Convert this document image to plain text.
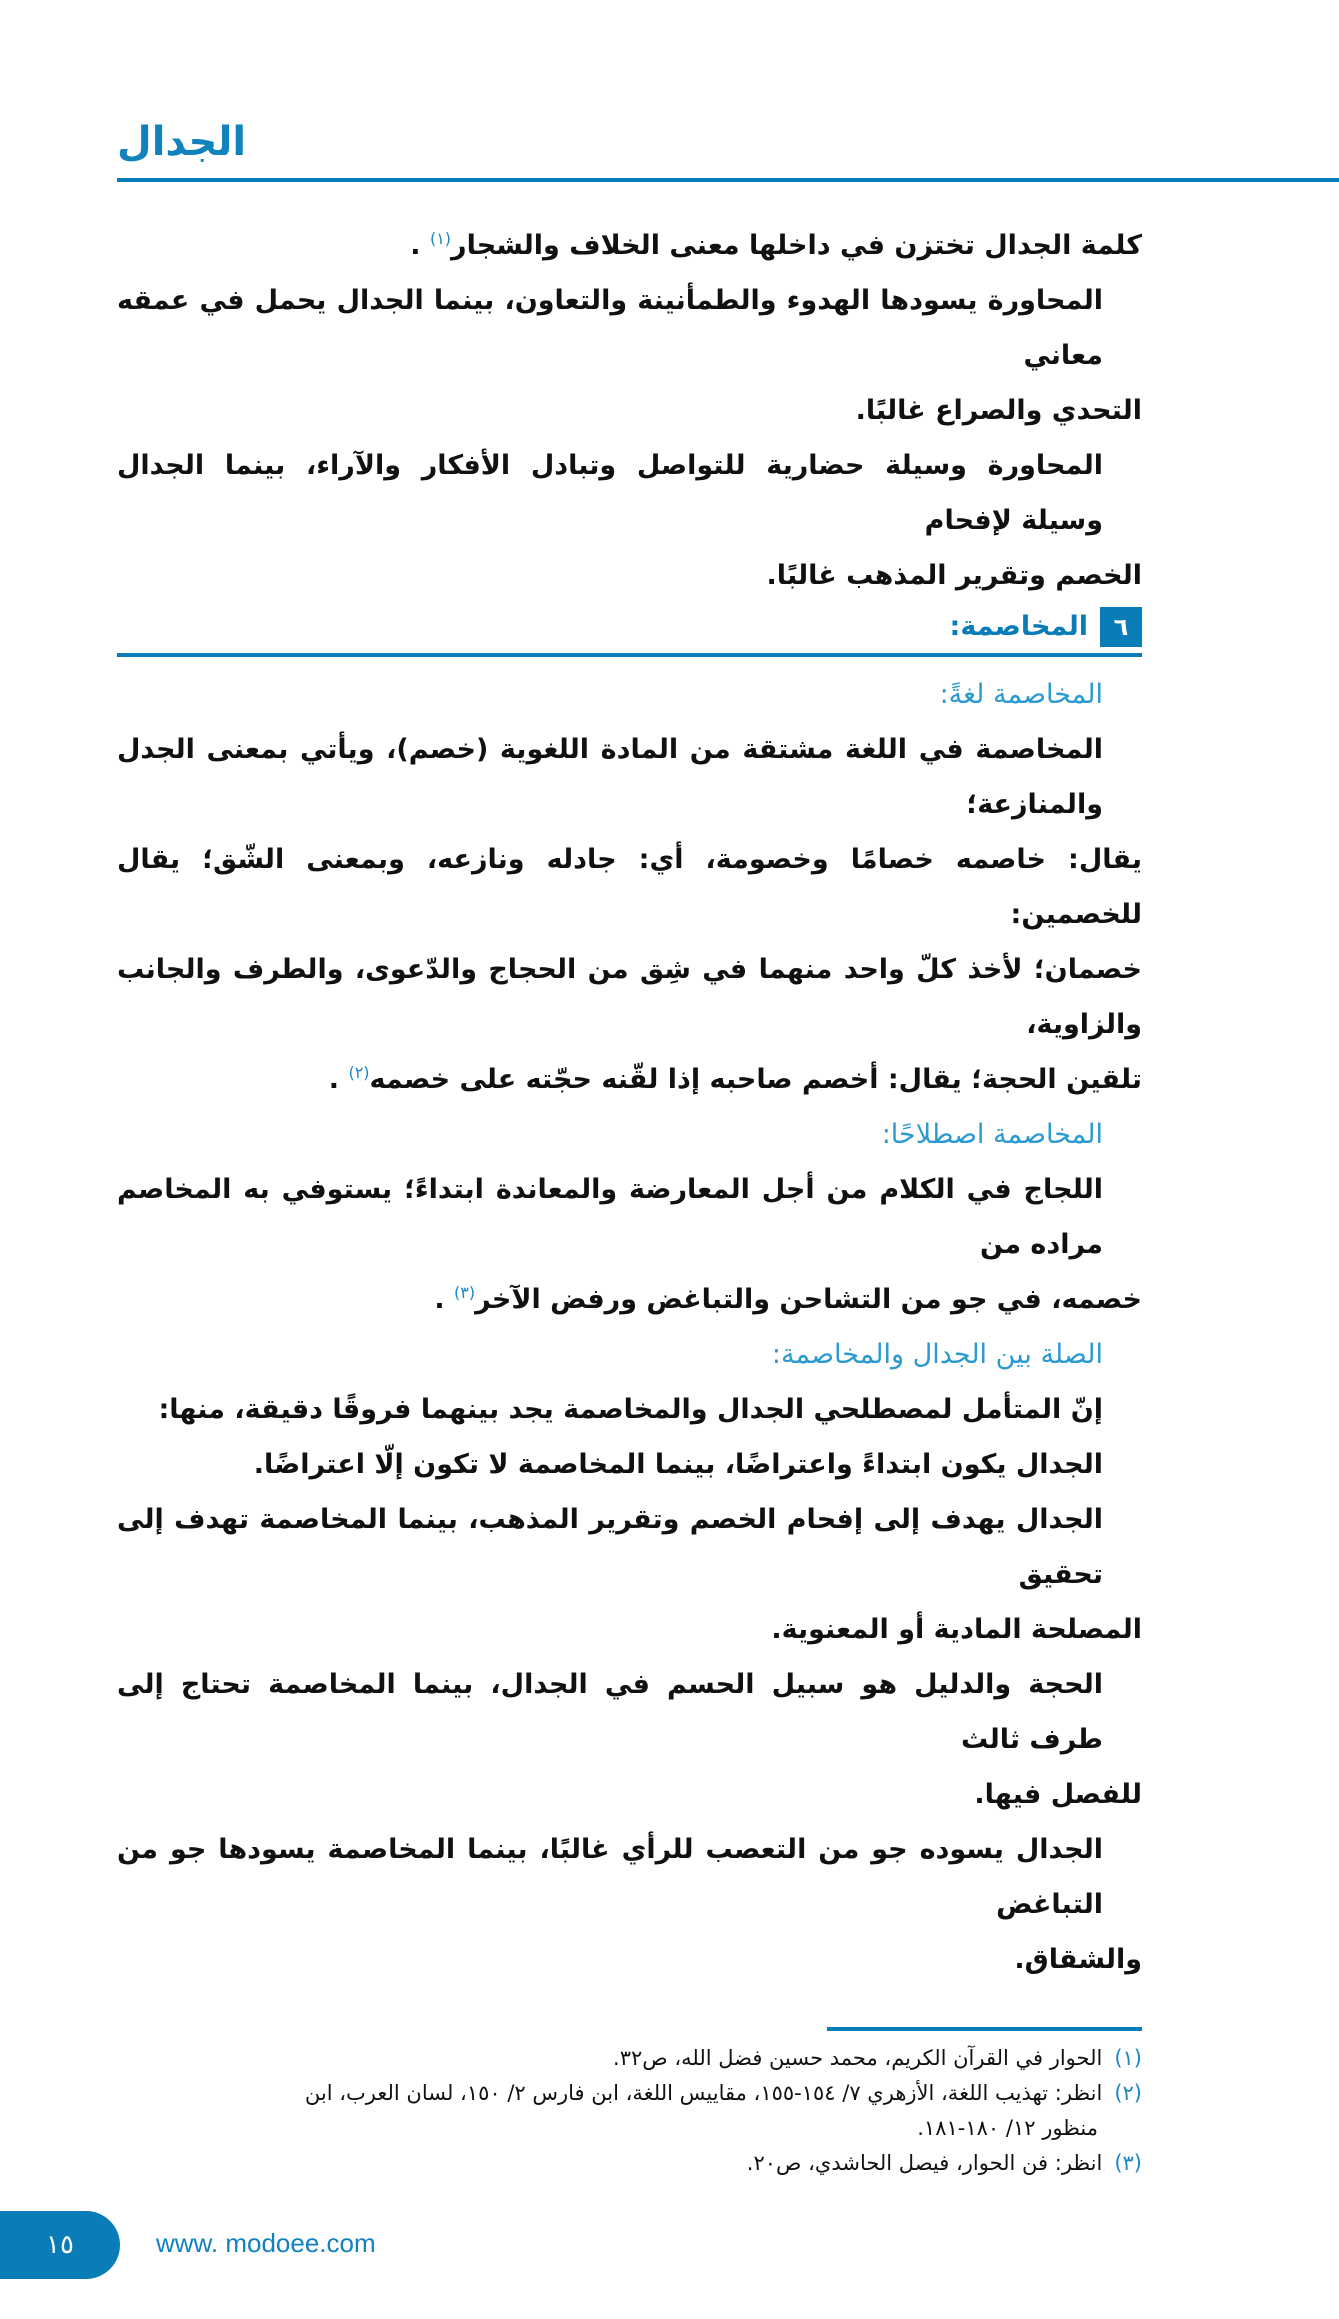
الجدال
كلمة الجدال تختزن في داخلها معنى الخلاف والشجار$^{(١)}$ .
المحاورة يسودها الهدوء والطمأنينة والتعاون، بينما الجدال يحمل في عمقه معاني
التحدي والصراع غالبًا.
المحاورة وسيلة حضارية للتواصل وتبادل الأفكار والآراء، بينما الجدال وسيلة لإفحام
الخصم وتقرير المذهب غالبًا.
٦
المخاصمة:
المخاصمة لغةً:
المخاصمة في اللغة مشتقة من المادة اللغوية (خصم)، ويأتي بمعنى الجدل والمنازعة؛
يقال: خاصمه خصامًا وخصومة، أي: جادله ونازعه، وبمعنى الشّق؛ يقال للخصمين:
خصمان؛ لأخذ كلّ واحد منهما في شِق من الحجاج والدّعوى، والطرف والجانب والزاوية،
تلقين الحجة؛ يقال: أخصم صاحبه إذا لقّنه حجّته على خصمه$^{(٢)}$ .
المخاصمة اصطلاحًا:
اللجاج في الكلام من أجل المعارضة والمعاندة ابتداءً؛ يستوفي به المخاصم مراده من
خصمه، في جو من التشاحن والتباغض ورفض الآخر$^{(٣)}$ .
الصلة بين الجدال والمخاصمة:
إنّ المتأمل لمصطلحي الجدال والمخاصمة يجد بينهما فروقًا دقيقة، منها:
الجدال يكون ابتداءً واعتراضًا، بينما المخاصمة لا تكون إلّا اعتراضًا.
الجدال يهدف إلى إفحام الخصم وتقرير المذهب، بينما المخاصمة تهدف إلى تحقيق
المصلحة المادية أو المعنوية.
الحجة والدليل هو سبيل الحسم في الجدال، بينما المخاصمة تحتاج إلى طرف ثالث
للفصل فيها.
الجدال يسوده جو من التعصب للرأي غالبًا، بينما المخاصمة يسودها جو من التباغض
والشقاق.
(١)الحوار في القرآن الكريم، محمد حسين فضل الله، ص٣٢.
(٢)انظر: تهذيب اللغة، الأزهري ٧/ ١٥٤-١٥٥، مقاييس اللغة، ابن فارس ٢/ ١٥٠، لسان العرب، ابن
منظور ١٢/ ١٨٠-١٨١.
(٣)انظر: فن الحوار، فيصل الحاشدي، ص٢٠.
١٥	www. modoee.com
